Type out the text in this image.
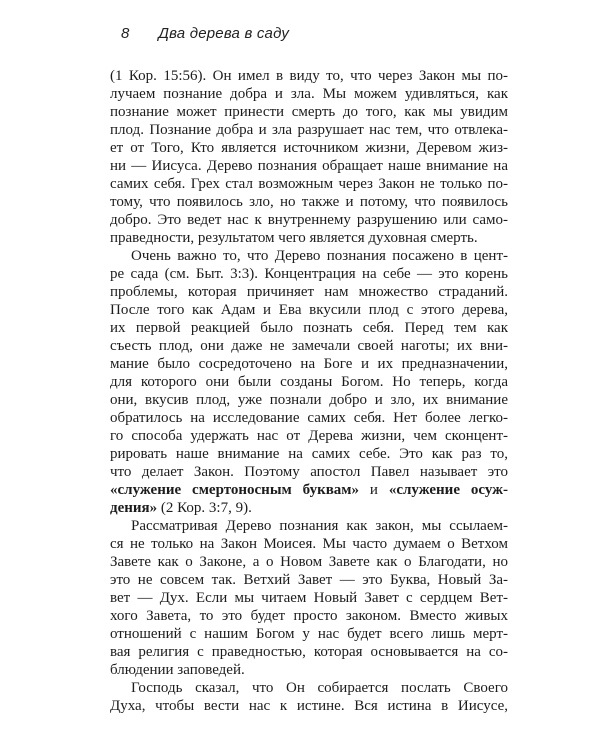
8 Два дерева в саду
(1 Кор. 15:56). Он имел в виду то, что через Закон мы по-
лучаем познание добра и зла. Мы можем удивляться, как
познание может принести смерть до того, как мы увидим
плод. Познание добра и зла разрушает нас тем, что отвлека-
ет от Того, Кто является источником жизни, Деревом жиз-
ни — Иисуса. Дерево познания обращает наше внимание на
самих себя. Грех стал возможным через Закон не только по-
тому, что появилось зло, но также и потому, что появилось
добро. Это ведет нас к внутреннему разрушению или само-
праведности, результатом чего является духовная смерть.
Очень важно то, что Дерево познания посажено в цент-
ре сада (см. Быт. 3:3). Концентрация на себе — это корень
проблемы, которая причиняет нам множество страданий.
После того как Адам и Ева вкусили плод с этого дерева,
их первой реакцией было познать себя. Перед тем как
съесть плод, они даже не замечали своей наготы; их вни-
мание было сосредоточено на Боге и их предназначении,
для которого они были созданы Богом. Но теперь, когда
они, вкусив плод, уже познали добро и зло, их внимание
обратилось на исследование самих себя. Нет более легко-
го способа удержать нас от Дерева жизни, чем сконцент-
рировать наше внимание на самих себе. Это как раз то,
что делает Закон. Поэтому апостол Павел называет это
«служение смертоносным буквам» и «служение осуж-
дения» (2 Кор. 3:7, 9).
Рассматривая Дерево познания как закон, мы ссылаем-
ся не только на Закон Моисея. Мы часто думаем о Ветхом
Завете как о Законе, а о Новом Завете как о Благодати, но
это не совсем так. Ветхий Завет — это Буква, Новый За-
вет — Дух. Если мы читаем Новый Завет с сердцем Вет-
хого Завета, то это будет просто законом. Вместо живых
отношений с нашим Богом у нас будет всего лишь мерт-
вая религия с праведностью, которая основывается на со-
блюдении заповедей.
Господь сказал, что Он собирается послать Своего
Духа, чтобы вести нас к истине. Вся истина в Иисусе,
